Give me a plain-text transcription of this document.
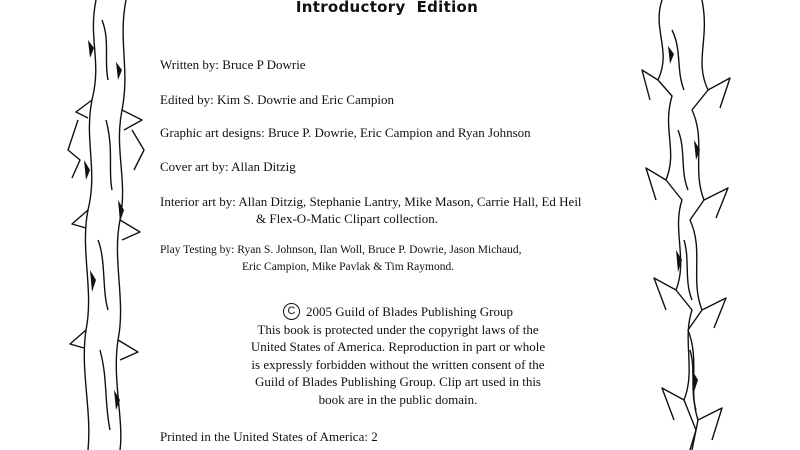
Introductory  Edition
Written by: Bruce P Dowrie
Edited by: Kim S. Dowrie and Eric Campion
Graphic art designs: Bruce P. Dowrie, Eric Campion and Ryan Johnson
Cover art by: Allan Ditzig
Interior art by: Allan Ditzig, Stephanie Lantry, Mike Mason, Carrie Hall, Ed Heil
& Flex-O-Matic Clipart collection.
Play Testing by: Ryan S. Johnson, Ilan Woll, Bruce P. Dowrie, Jason Michaud,
Eric Campion, Mike Pavlak & Tim Raymond.
C 2005 Guild of Blades Publishing Group
This book is protected under the copyright laws of the
United States of America. Reproduction in part or whole
is expressly forbidden without the written consent of the
Guild of Blades Publishing Group. Clip art used in this
book are in the public domain.
Printed in the United States of America: 2
